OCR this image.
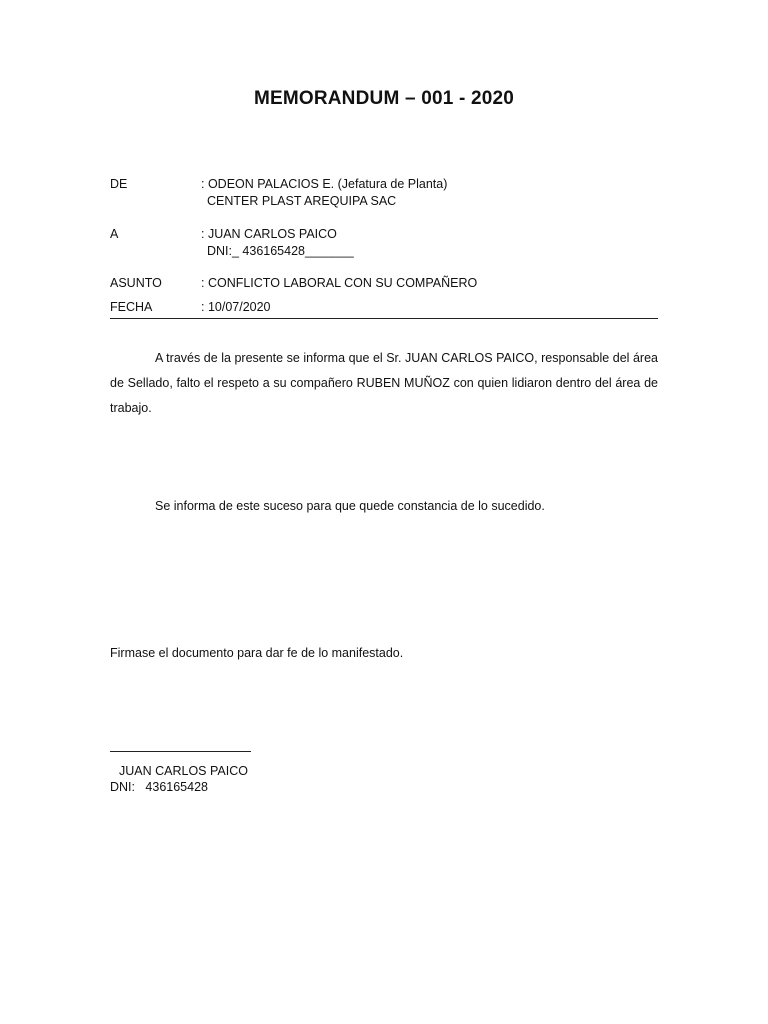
MEMORANDUM – 001 - 2020
DE	: ODEON PALACIOS E. (Jefatura de Planta)
CENTER PLAST AREQUIPA SAC
A	: JUAN CARLOS PAICO
DNI:_ 436165428_______
ASUNTO	: CONFLICTO LABORAL CON SU COMPAÑERO
FECHA	: 10/07/2020
A través de la presente se informa que el Sr. JUAN CARLOS PAICO, responsable del área de Sellado, falto el respeto a su compañero RUBEN MUÑOZ con quien lidiaron dentro del área de trabajo.
Se informa de este suceso para que quede constancia de lo sucedido.
Firmase el documento para dar fe de lo manifestado.
JUAN CARLOS PAICO
DNI:   436165428
